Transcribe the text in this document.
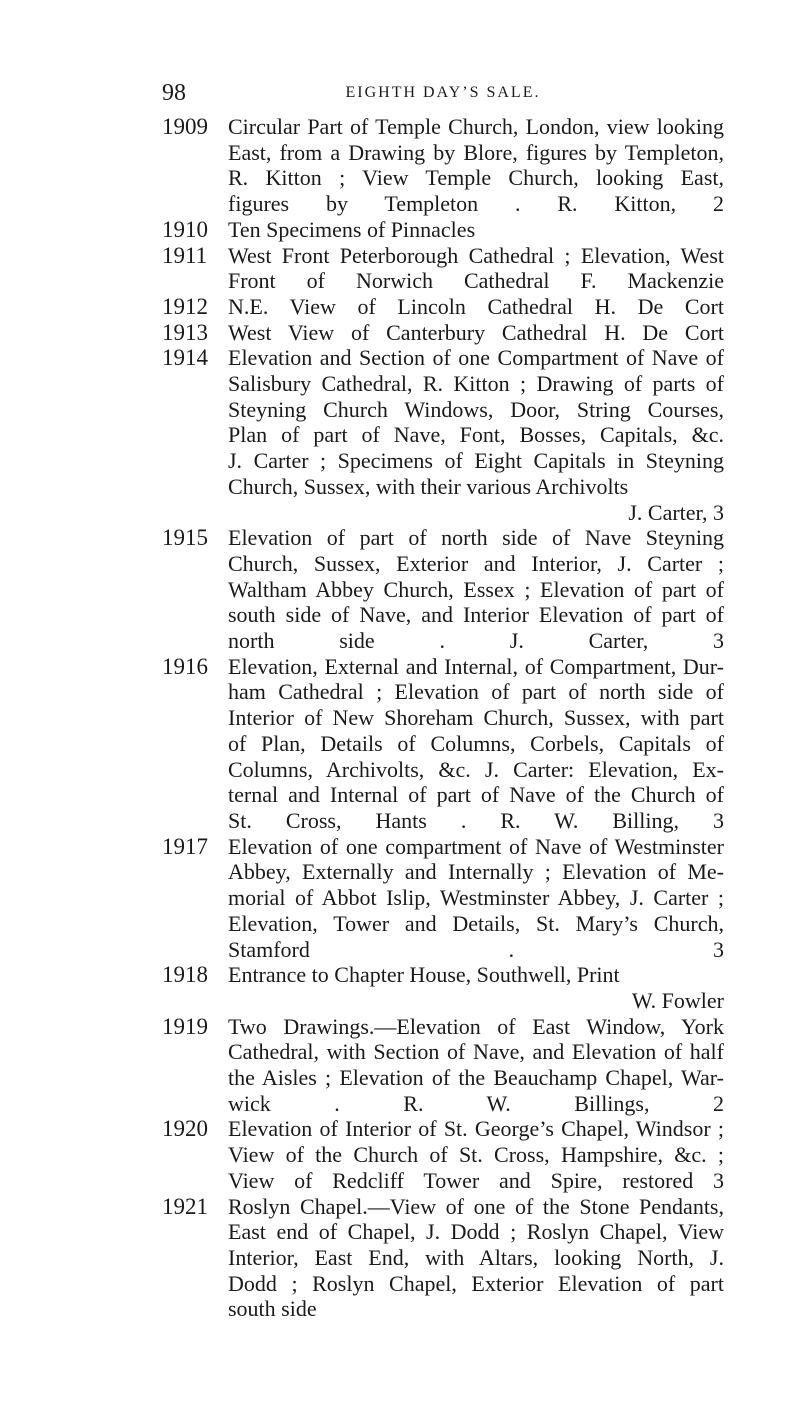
98	EIGHTH DAY’S SALE.
1909 Circular Part of Temple Church, London, view looking
East, from a Drawing by Blore, figures by Templeton,
R. Kitton ; View Temple Church, looking East,
figures by Templeton . R. Kitton, 2
1910 Ten Specimens of Pinnacles
1911 West Front Peterborough Cathedral ; Elevation, West
Front of Norwich Cathedral F. Mackenzie
1912 N.E. View of Lincoln Cathedral H. De Cort
1913 West View of Canterbury Cathedral H. De Cort
1914 Elevation and Section of one Compartment of Nave of
Salisbury Cathedral, R. Kitton ; Drawing of parts of
Steyning Church Windows, Door, String Courses,
Plan of part of Nave, Font, Bosses, Capitals, &c.
J. Carter ; Specimens of Eight Capitals in Steyning
Church, Sussex, with their various Archivolts
J. Carter, 3
1915 Elevation of part of north side of Nave Steyning
Church, Sussex, Exterior and Interior, J. Carter ;
Waltham Abbey Church, Essex ; Elevation of part of
south side of Nave, and Interior Elevation of part of
north side . J. Carter, 3
1916 Elevation, External and Internal, of Compartment, Dur-
ham Cathedral ; Elevation of part of north side of
Interior of New Shoreham Church, Sussex, with part
of Plan, Details of Columns, Corbels, Capitals of
Columns, Archivolts, &c. J. Carter: Elevation, Ex-
ternal and Internal of part of Nave of the Church of
St. Cross, Hants . R. W. Billing, 3
1917 Elevation of one compartment of Nave of Westminster
Abbey, Externally and Internally ; Elevation of Me-
morial of Abbot Islip, Westminster Abbey, J. Carter ;
Elevation, Tower and Details, St. Mary’s Church,
Stamford . 3
1918 Entrance to Chapter House, Southwell, Print
W. Fowler
1919 Two Drawings.—Elevation of East Window, York
Cathedral, with Section of Nave, and Elevation of half
the Aisles ; Elevation of the Beauchamp Chapel, War-
wick . R. W. Billings, 2
1920 Elevation of Interior of St. George’s Chapel, Windsor ;
View of the Church of St. Cross, Hampshire, &c. ;
View of Redcliff Tower and Spire, restored 3
1921 Roslyn Chapel.—View of one of the Stone Pendants,
East end of Chapel, J. Dodd ; Roslyn Chapel, View
Interior, East End, with Altars, looking North, J.
Dodd ; Roslyn Chapel, Exterior Elevation of part
south side
